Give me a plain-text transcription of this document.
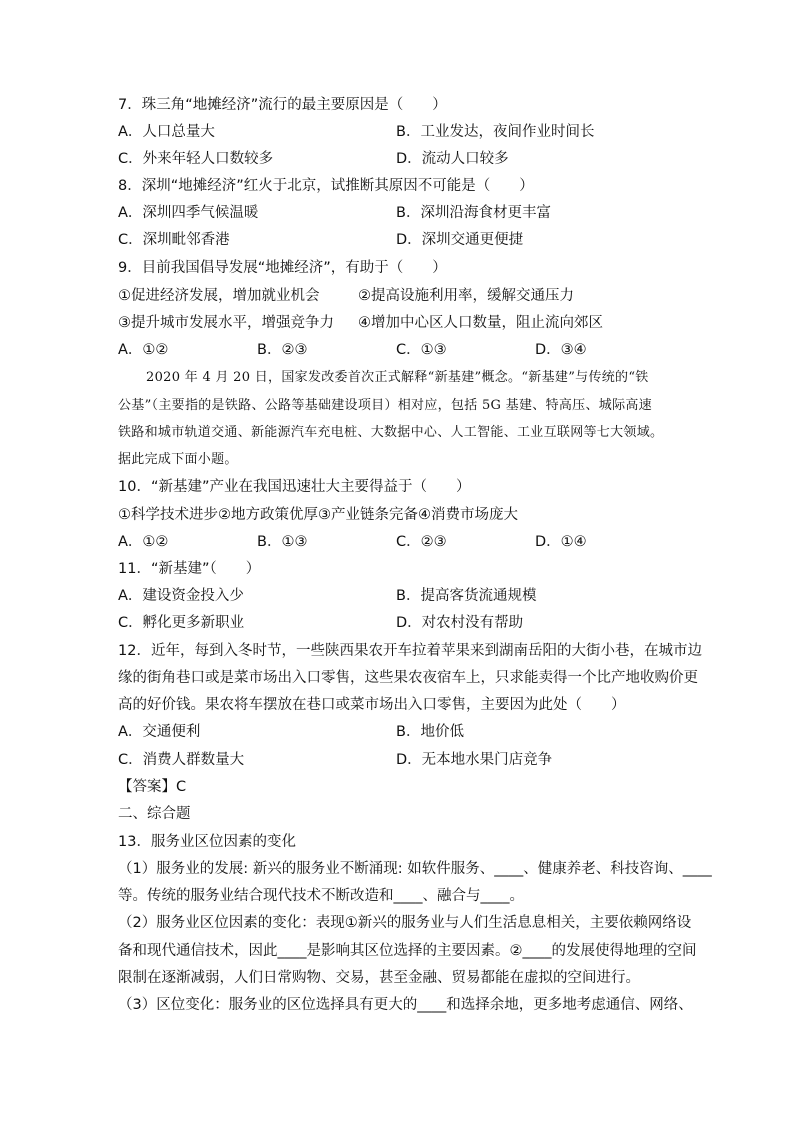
7．珠三角“地摊经济”流行的最主要原因是（　　）
A．人口总量大	B．工业发达，夜间作业时间长
C．外来年轻人口数较多	D．流动人口较多
8．深圳“地摊经济”红火于北京，试推断其原因不可能是（　　）
A．深圳四季气候温暖	B．深圳沿海食材更丰富
C．深圳毗邻香港	D．深圳交通更便捷
9．目前我国倡导发展“地摊经济”，有助于（　　）
①促进经济发展，增加就业机会	②提高设施利用率，缓解交通压力
③提升城市发展水平，增强竞争力 ④增加中心区人口数量，阻止流向郊区
A．①②	B．②③	C．①③	D．③④
2020 年 4 月 20 日，国家发改委首次正式解释“新基建”概念。“新基建”与传统的“铁
公基”（主要指的是铁路、公路等基础建设项目）相对应，包括 5G 基建、特高压、城际高速
铁路和城市轨道交通、新能源汽车充电桩、大数据中心、人工智能、工业互联网等七大领域。
据此完成下面小题。
10．“新基建”产业在我国迅速壮大主要得益于（　　）
①科学技术进步②地方政策优厚③产业链条完备④消费市场庞大
A．①②	B．①③	C．②③	D．①④
11．“新基建”（　　）
A．建设资金投入少	B．提高客货流通规模
C．孵化更多新职业	D．对农村没有帮助
12．近年，每到入冬时节，一些陕西果农开车拉着苹果来到湖南岳阳的大街小巷，在城市边
缘的街角巷口或是菜市场出入口零售，这些果农夜宿车上，只求能卖得一个比产地收购价更
高的好价钱。果农将车摆放在巷口或菜市场出入口零售，主要因为此处（　　）
A．交通便利	B．地价低
C．消费人群数量大	D．无本地水果门店竞争
【答案】C
二、综合题
13．服务业区位因素的变化
（1）服务业的发展: 新兴的服务业不断涌现: 如软件服务、____、健康养老、科技咨询、____
等。传统的服务业结合现代技术不断改造和____、融合与____。
（2）服务业区位因素的变化：表现①新兴的服务业与人们生活息息相关，主要依赖网络设
备和现代通信技术，因此____是影响其区位选择的主要因素。②____的发展使得地理的空间
限制在逐渐减弱，人们日常购物、交易，甚至金融、贸易都能在虚拟的空间进行。
（3）区位变化：服务业的区位选择具有更大的____和选择余地，更多地考虑通信、网络、
